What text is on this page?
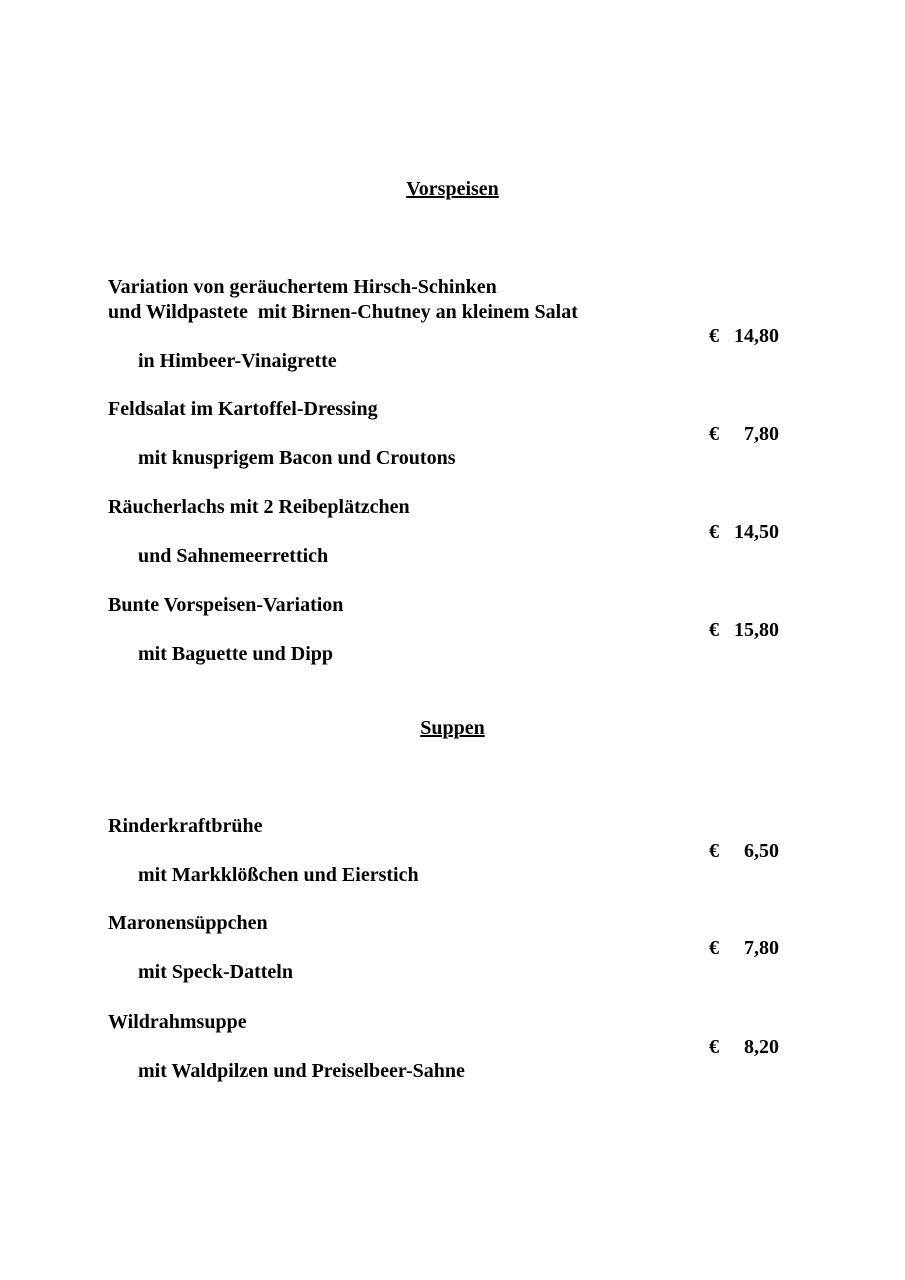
Vorspeisen
Variation von geräuchertem Hirsch-Schinken
und Wildpastete  mit Birnen-Chutney an kleinem Salat

in Himbeer-Vinaigrette

€ 14,80

Feldsalat im Kartoffel-Dressing

mit knusprigem Bacon und Croutons

€ 7,80

Räucherlachs mit 2 Reibeplätzchen

und Sahnemeerrettich

€ 14,50

Bunte Vorspeisen-Variation

mit Baguette und Dipp

€ 15,80

Suppen
Rinderkraftbrühe

mit Markklößchen und Eierstich

€ 6,50

Maronensüppchen

mit Speck-Datteln

€ 7,80

Wildrahmsuppe

mit Waldpilzen und Preiselbeer-Sahne

€ 8,20
